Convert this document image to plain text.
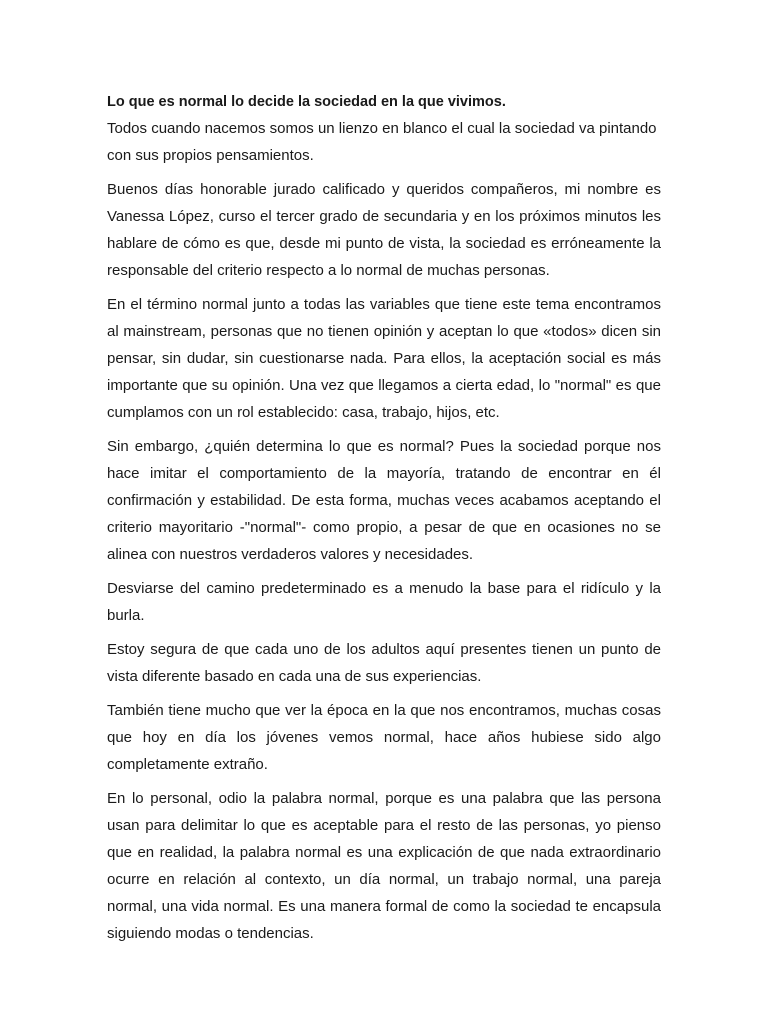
Lo que es normal lo decide la sociedad en la que vivimos.

Todos cuando nacemos somos un lienzo en blanco el cual la sociedad va pintando con sus propios pensamientos.

Buenos días honorable jurado calificado y queridos compañeros, mi nombre es Vanessa López, curso el tercer grado de secundaria y en los próximos minutos les hablare de cómo es que, desde mi punto de vista, la sociedad es erróneamente la responsable del criterio respecto a lo normal de muchas personas.

En el término normal junto a todas las variables que tiene este tema encontramos al mainstream, personas que no tienen opinión y aceptan lo que «todos» dicen sin pensar, sin dudar, sin cuestionarse nada. Para ellos, la aceptación social es más importante que su opinión. Una vez que llegamos a cierta edad, lo "normal" es que cumplamos con un rol establecido: casa, trabajo, hijos, etc.

Sin embargo, ¿quién determina lo que es normal? Pues la sociedad porque nos hace imitar el comportamiento de la mayoría, tratando de encontrar en él confirmación y estabilidad. De esta forma, muchas veces acabamos aceptando el criterio mayoritario -"normal"- como propio, a pesar de que en ocasiones no se alinea con nuestros verdaderos valores y necesidades.

Desviarse del camino predeterminado es a menudo la base para el ridículo y la burla.

Estoy segura de que cada uno de los adultos aquí presentes tienen un punto de vista diferente basado en cada una de sus experiencias.

También tiene mucho que ver la época en la que nos encontramos, muchas cosas que hoy en día los jóvenes vemos normal, hace años hubiese sido algo completamente extraño.

En lo personal, odio la palabra normal, porque es una palabra que las persona usan para delimitar lo que es aceptable para el resto de las personas, yo pienso que en realidad, la palabra normal es una explicación de que nada extraordinario ocurre en relación al contexto, un día normal, un trabajo normal, una pareja normal, una vida normal. Es una manera formal de como la sociedad te encapsula siguiendo modas o tendencias.
